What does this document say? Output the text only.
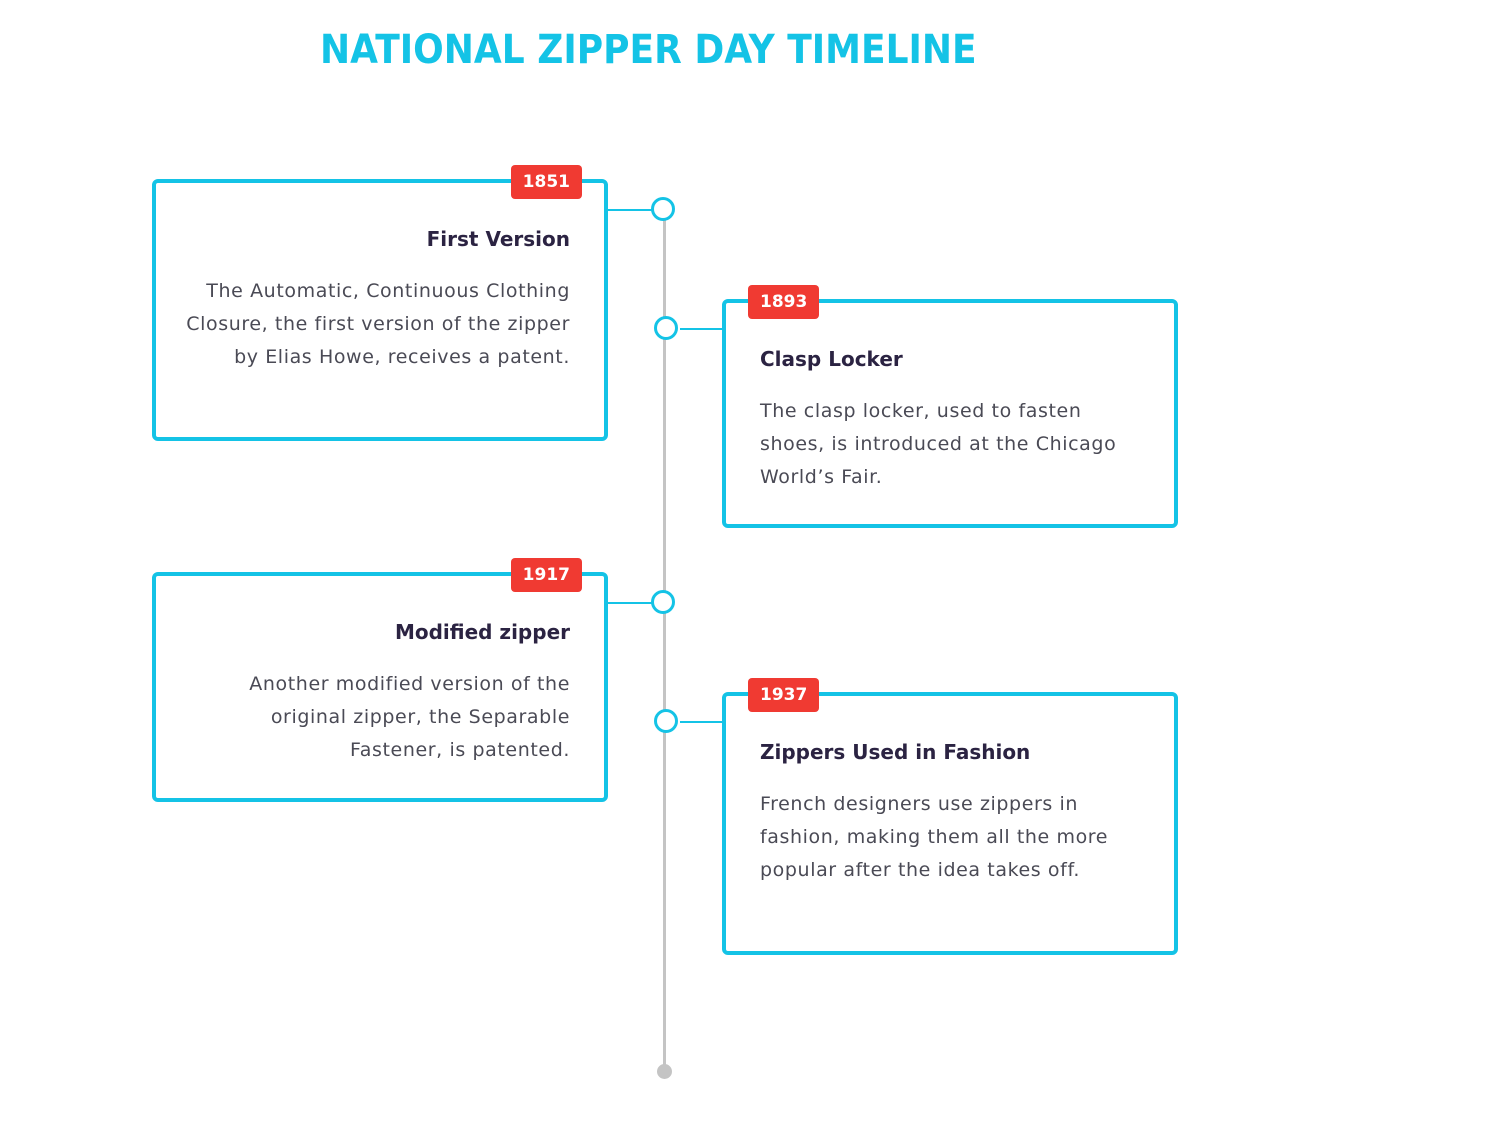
NATIONAL ZIPPER DAY TIMELINE
1851
First Version

The Automatic, Continuous Clothing Closure, the first version of the zipper by Elias Howe, receives a patent.

1893
Clasp Locker

The clasp locker, used to fasten shoes, is introduced at the Chicago World’s Fair.

1917
Modified zipper

Another modified version of the original zipper, the Separable Fastener, is patented.

1937
Zippers Used in Fashion

French designers use zippers in fashion, making them all the more popular after the idea takes off.
